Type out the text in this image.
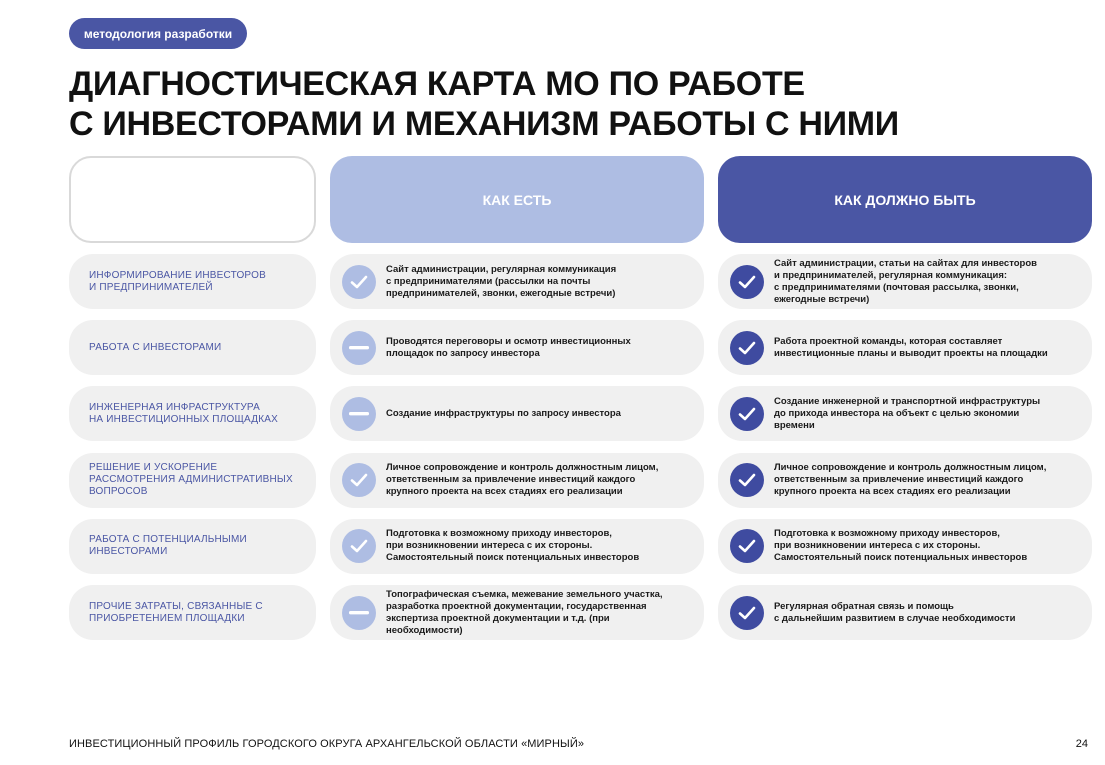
методология разработки
ДИАГНОСТИЧЕСКАЯ КАРТА МО ПО РАБОТЕ
С ИНВЕСТОРАМИ И МЕХАНИЗМ РАБОТЫ С НИМИ
КАК ЕСТЬ	КАК ДОЛЖНО БЫТЬ
ИНФОРМИРОВАНИЕ ИНВЕСТОРОВ
И ПРЕДПРИНИМАТЕЛЕЙ
Сайт администрации, регулярная коммуникация
с предпринимателями (рассылки на почты
предпринимателей, звонки, ежегодные встречи)
Сайт администрации, статьи на сайтах для инвесторов
и предпринимателей, регулярная коммуникация:
с предпринимателями (почтовая рассылка, звонки,
ежегодные встречи)
РАБОТА С ИНВЕСТОРАМИ
Проводятся переговоры и осмотр инвестиционных
площадок по запросу инвестора
Работа проектной команды, которая составляет
инвестиционные планы и выводит проекты на площадки
ИНЖЕНЕРНАЯ ИНФРАСТРУКТУРА
НА ИНВЕСТИЦИОННЫХ ПЛОЩАДКАХ
Создание инфраструктуры по запросу инвестора
Создание инженерной и транспортной инфраструктуры
до прихода инвестора на объект с целью экономии
времени
РЕШЕНИЕ И УСКОРЕНИЕ
РАССМОТРЕНИЯ АДМИНИСТРАТИВНЫХ
ВОПРОСОВ
Личное сопровождение и контроль должностным лицом,
ответственным за привлечение инвестиций каждого
крупного проекта на всех стадиях его реализации
Личное сопровождение и контроль должностным лицом,
ответственным за привлечение инвестиций каждого
крупного проекта на всех стадиях его реализации
РАБОТА С ПОТЕНЦИАЛЬНЫМИ
ИНВЕСТОРАМИ
Подготовка к возможному приходу инвесторов,
при возникновении интереса с их стороны.
Самостоятельный поиск потенциальных инвесторов
Подготовка к возможному приходу инвесторов,
при возникновении интереса с их стороны.
Самостоятельный поиск потенциальных инвесторов
ПРОЧИЕ ЗАТРАТЫ, СВЯЗАННЫЕ С
ПРИОБРЕТЕНИЕМ ПЛОЩАДКИ
Топографическая съемка, межевание земельного участка,
разработка проектной документации, государственная
экспертиза проектной документации и т.д. (при
необходимости)
Регулярная обратная связь и помощь
с дальнейшим развитием в случае необходимости
ИНВЕСТИЦИОННЫЙ ПРОФИЛЬ ГОРОДСКОГО ОКРУГА АРХАНГЕЛЬСКОЙ ОБЛАСТИ «МИРНЫЙ»	24
